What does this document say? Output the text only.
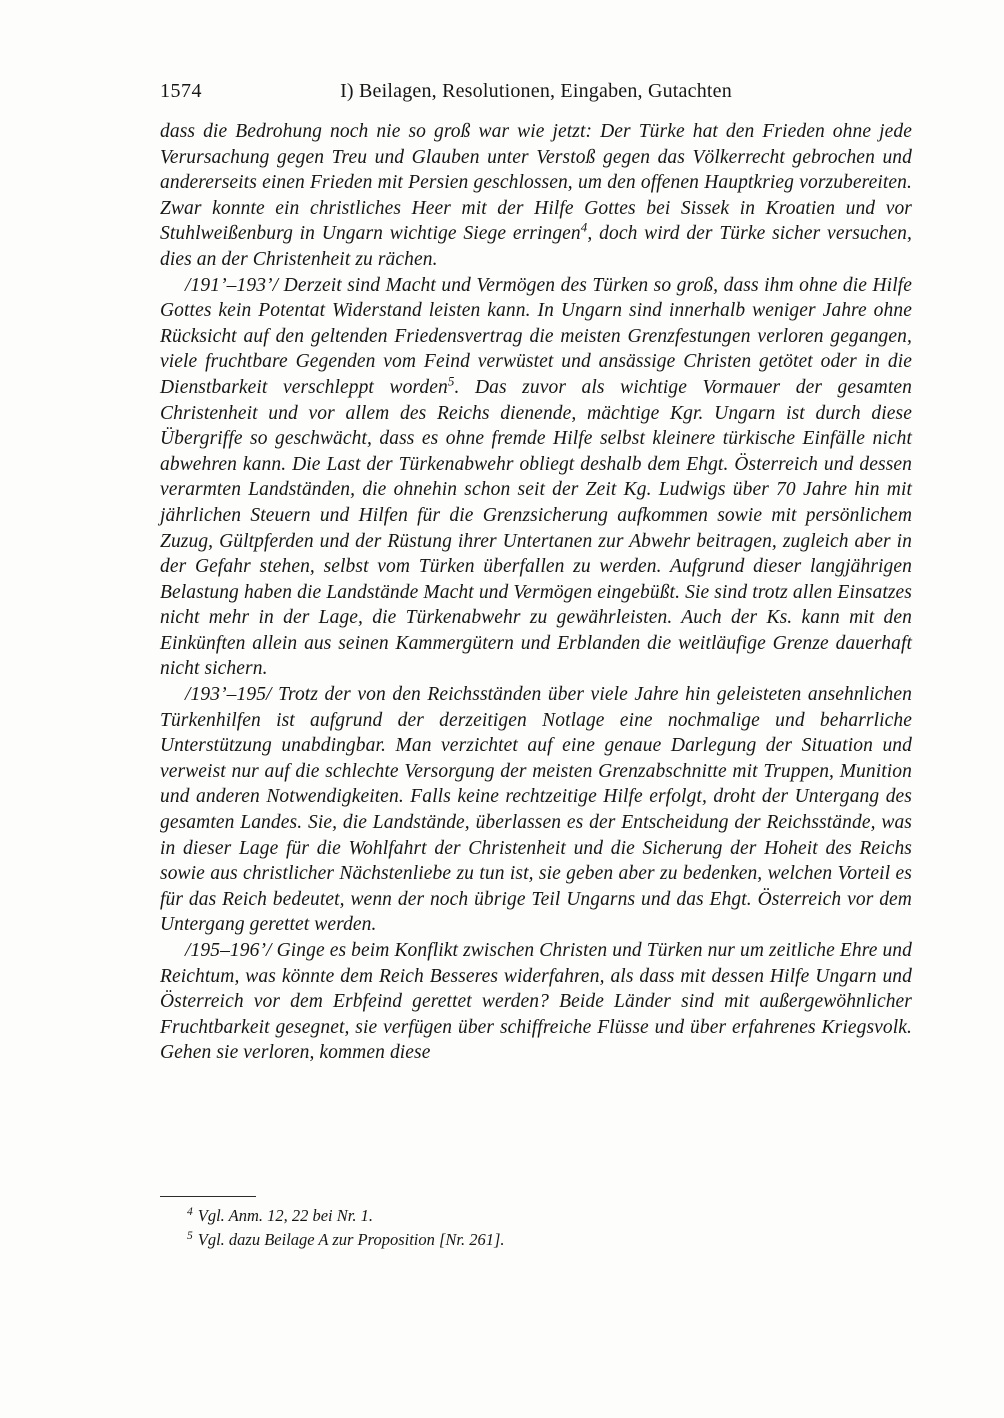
1574	I) Beilagen, Resolutionen, Eingaben, Gutachten

dass die Bedrohung noch nie so groß war wie jetzt: Der Türke hat den Frieden ohne jede Verursachung gegen Treu und Glauben unter Verstoß gegen das Völkerrecht gebrochen und andererseits einen Frieden mit Persien geschlossen, um den offenen Hauptkrieg vorzubereiten. Zwar konnte ein christliches Heer mit der Hilfe Gottes bei Sissek in Kroatien und vor Stuhlweißenburg in Ungarn wichtige Siege erringen$^4$, doch wird der Türke sicher versuchen, dies an der Christenheit zu rächen.

/191’–193’/ Derzeit sind Macht und Vermögen des Türken so groß, dass ihm ohne die Hilfe Gottes kein Potentat Widerstand leisten kann. In Ungarn sind innerhalb weniger Jahre ohne Rücksicht auf den geltenden Friedensvertrag die meisten Grenzfestungen verloren gegangen, viele fruchtbare Gegenden vom Feind verwüstet und ansässige Christen getötet oder in die Dienstbarkeit verschleppt worden$^5$. Das zuvor als wichtige Vormauer der gesamten Christenheit und vor allem des Reichs dienende, mächtige Kgr. Ungarn ist durch diese Übergriffe so geschwächt, dass es ohne fremde Hilfe selbst kleinere türkische Einfälle nicht abwehren kann. Die Last der Türkenabwehr obliegt deshalb dem Ehgt. Österreich und dessen verarmten Landständen, die ohnehin schon seit der Zeit Kg. Ludwigs über 70 Jahre hin mit jährlichen Steuern und Hilfen für die Grenzsicherung aufkommen sowie mit persönlichem Zuzug, Gültpferden und der Rüstung ihrer Untertanen zur Abwehr beitragen, zugleich aber in der Gefahr stehen, selbst vom Türken überfallen zu werden. Aufgrund dieser langjährigen Belastung haben die Landstände Macht und Vermögen eingebüßt. Sie sind trotz allen Einsatzes nicht mehr in der Lage, die Türkenabwehr zu gewährleisten. Auch der Ks. kann mit den Einkünften allein aus seinen Kammergütern und Erblanden die weitläufige Grenze dauerhaft nicht sichern.

/193’–195/ Trotz der von den Reichsständen über viele Jahre hin geleisteten ansehnlichen Türkenhilfen ist aufgrund der derzeitigen Notlage eine nochmalige und beharrliche Unterstützung unabdingbar. Man verzichtet auf eine genaue Darlegung der Situation und verweist nur auf die schlechte Versorgung der meisten Grenzabschnitte mit Truppen, Munition und anderen Notwendigkeiten. Falls keine rechtzeitige Hilfe erfolgt, droht der Untergang des gesamten Landes. Sie, die Landstände, überlassen es der Entscheidung der Reichsstände, was in dieser Lage für die Wohlfahrt der Christenheit und die Sicherung der Hoheit des Reichs sowie aus christlicher Nächstenliebe zu tun ist, sie geben aber zu bedenken, welchen Vorteil es für das Reich bedeutet, wenn der noch übrige Teil Ungarns und das Ehgt. Österreich vor dem Untergang gerettet werden.

/195–196’/ Ginge es beim Konflikt zwischen Christen und Türken nur um zeitliche Ehre und Reichtum, was könnte dem Reich Besseres widerfahren, als dass mit dessen Hilfe Ungarn und Österreich vor dem Erbfeind gerettet werden? Beide Länder sind mit außergewöhnlicher Fruchtbarkeit gesegnet, sie verfügen über schiffreiche Flüsse und über erfahrenes Kriegsvolk. Gehen sie verloren, kommen diese

$^4$ Vgl. Anm. 12, 22 bei Nr. 1.
$^5$ Vgl. dazu Beilage A zur Proposition [Nr. 261].
